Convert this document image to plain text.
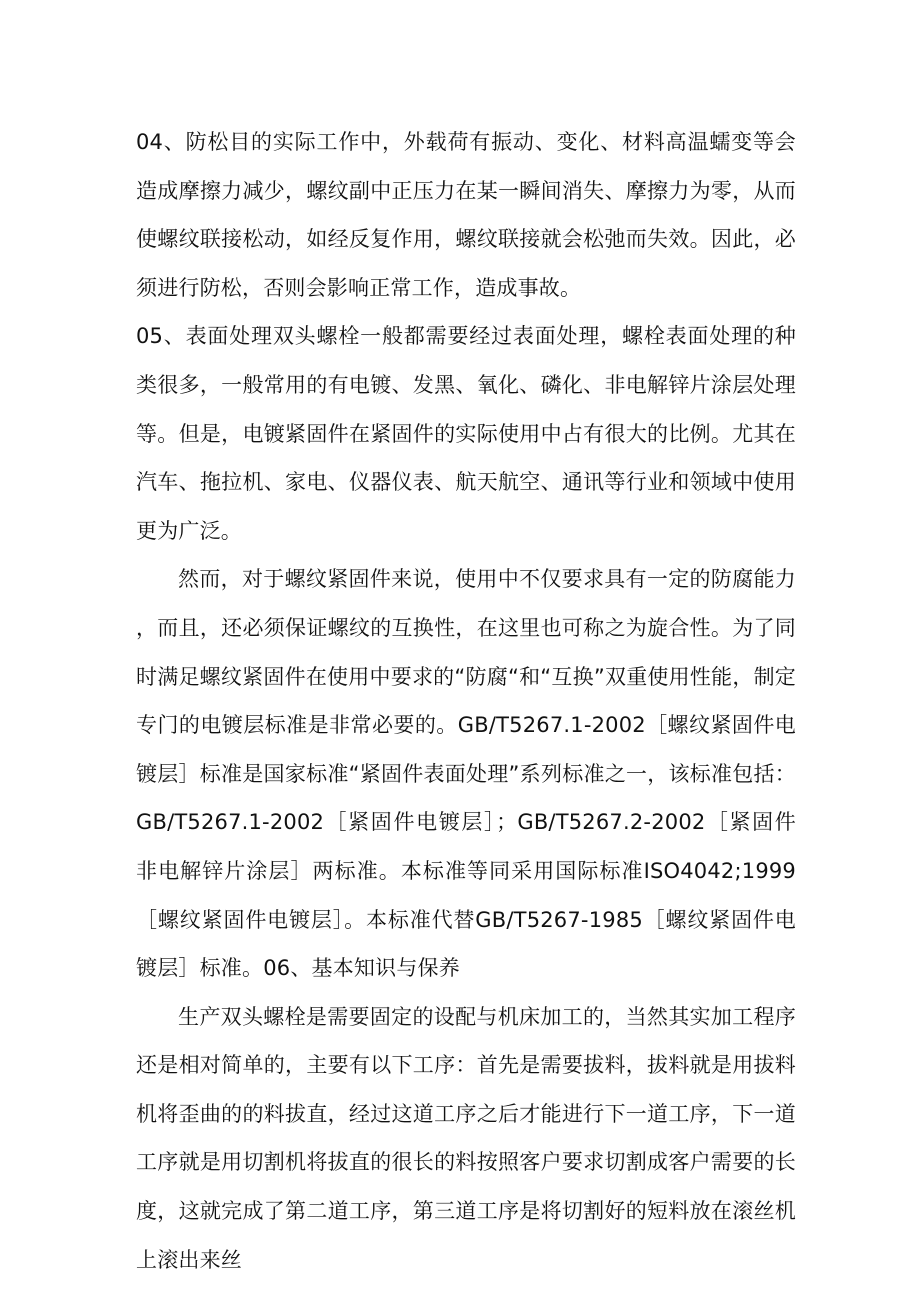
04、防松目的实际工作中，外载荷有振动、变化、材料高温蠕变等会造成摩擦力减少，螺纹副中正压力在某一瞬间消失、摩擦力为零，从而使螺纹联接松动，如经反复作用，螺纹联接就会松弛而失效。因此，必须进行防松，否则会影响正常工作，造成事故。

05、表面处理双头螺栓一般都需要经过表面处理，螺栓表面处理的种类很多，一般常用的有电镀、发黑、氧化、磷化、非电解锌片涂层处理等。但是，电镀紧固件在紧固件的实际使用中占有很大的比例。尤其在汽车、拖拉机、家电、仪器仪表、航天航空、通讯等行业和领域中使用更为广泛。

然而，对于螺纹紧固件来说，使用中不仅要求具有一定的防腐能力，而且，还必须保证螺纹的互换性，在这里也可称之为旋合性。为了同时满足螺纹紧固件在使用中要求的“防腐“和“互换”双重使用性能，制定专门的电镀层标准是非常必要的。GB/T5267.1-2002［螺纹紧固件电镀层］标准是国家标准“紧固件表面处理”系列标准之一，该标准包括：GB/T5267.1-2002［紧固件电镀层］；GB/T5267.2-2002［紧固件非电解锌片涂层］两标准。本标准等同采用国际标准ISO4042;1999［螺纹紧固件电镀层］。本标准代替GB/T5267-1985［螺纹紧固件电镀层］标准。06、基本知识与保养

生产双头螺栓是需要固定的设配与机床加工的，当然其实加工程序还是相对简单的，主要有以下工序：首先是需要拔料，拔料就是用拔料机将歪曲的的料拔直，经过这道工序之后才能进行下一道工序，下一道工序就是用切割机将拔直的很长的料按照客户要求切割成客户需要的长度，这就完成了第二道工序，第三道工序是将切割好的短料放在滚丝机上滚出来丝
